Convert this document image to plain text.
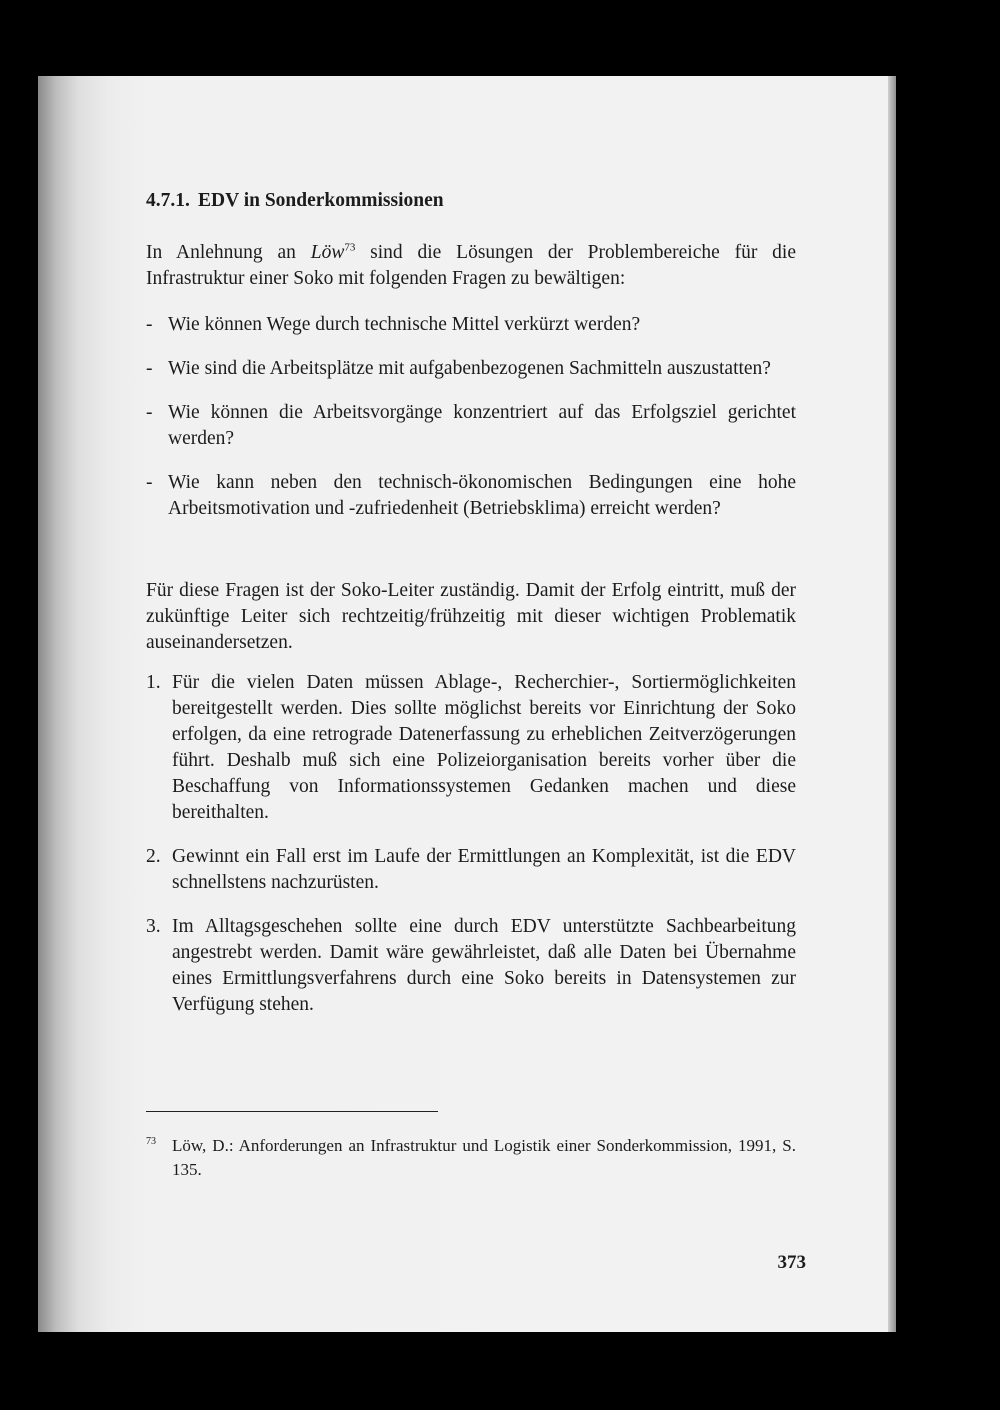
4.7.1. EDV in Sonderkommissionen

In Anlehnung an Löw$^{73}$ sind die Lösungen der Problembereiche für die Infrastruktur einer Soko mit folgenden Fragen zu bewältigen:

- Wie können Wege durch technische Mittel verkürzt werden?
- Wie sind die Arbeitsplätze mit aufgabenbezogenen Sachmitteln auszustatten?
- Wie können die Arbeitsvorgänge konzentriert auf das Erfolgsziel gerichtet werden?
- Wie kann neben den technisch-ökonomischen Bedingungen eine hohe Arbeitsmotivation und -zufriedenheit (Betriebsklima) erreicht werden?

Für diese Fragen ist der Soko-Leiter zuständig. Damit der Erfolg eintritt, muß der zukünftige Leiter sich rechtzeitig/frühzeitig mit dieser wichtigen Problematik auseinandersetzen.

1. Für die vielen Daten müssen Ablage-, Recherchier-, Sortiermöglichkeiten bereitgestellt werden. Dies sollte möglichst bereits vor Einrichtung der Soko erfolgen, da eine retrograde Datenerfassung zu erheblichen Zeitverzögerungen führt. Deshalb muß sich eine Polizeiorganisation bereits vorher über die Beschaffung von Informationssystemen Gedanken machen und diese bereithalten.
2. Gewinnt ein Fall erst im Laufe der Ermittlungen an Komplexität, ist die EDV schnellstens nachzurüsten.
3. Im Alltagsgeschehen sollte eine durch EDV unterstützte Sachbearbeitung angestrebt werden. Damit wäre gewährleistet, daß alle Daten bei Übernahme eines Ermittlungsverfahrens durch eine Soko bereits in Datensystemen zur Verfügung stehen.
73 Löw, D.: Anforderungen an Infrastruktur und Logistik einer Sonderkommission, 1991, S. 135.
373
